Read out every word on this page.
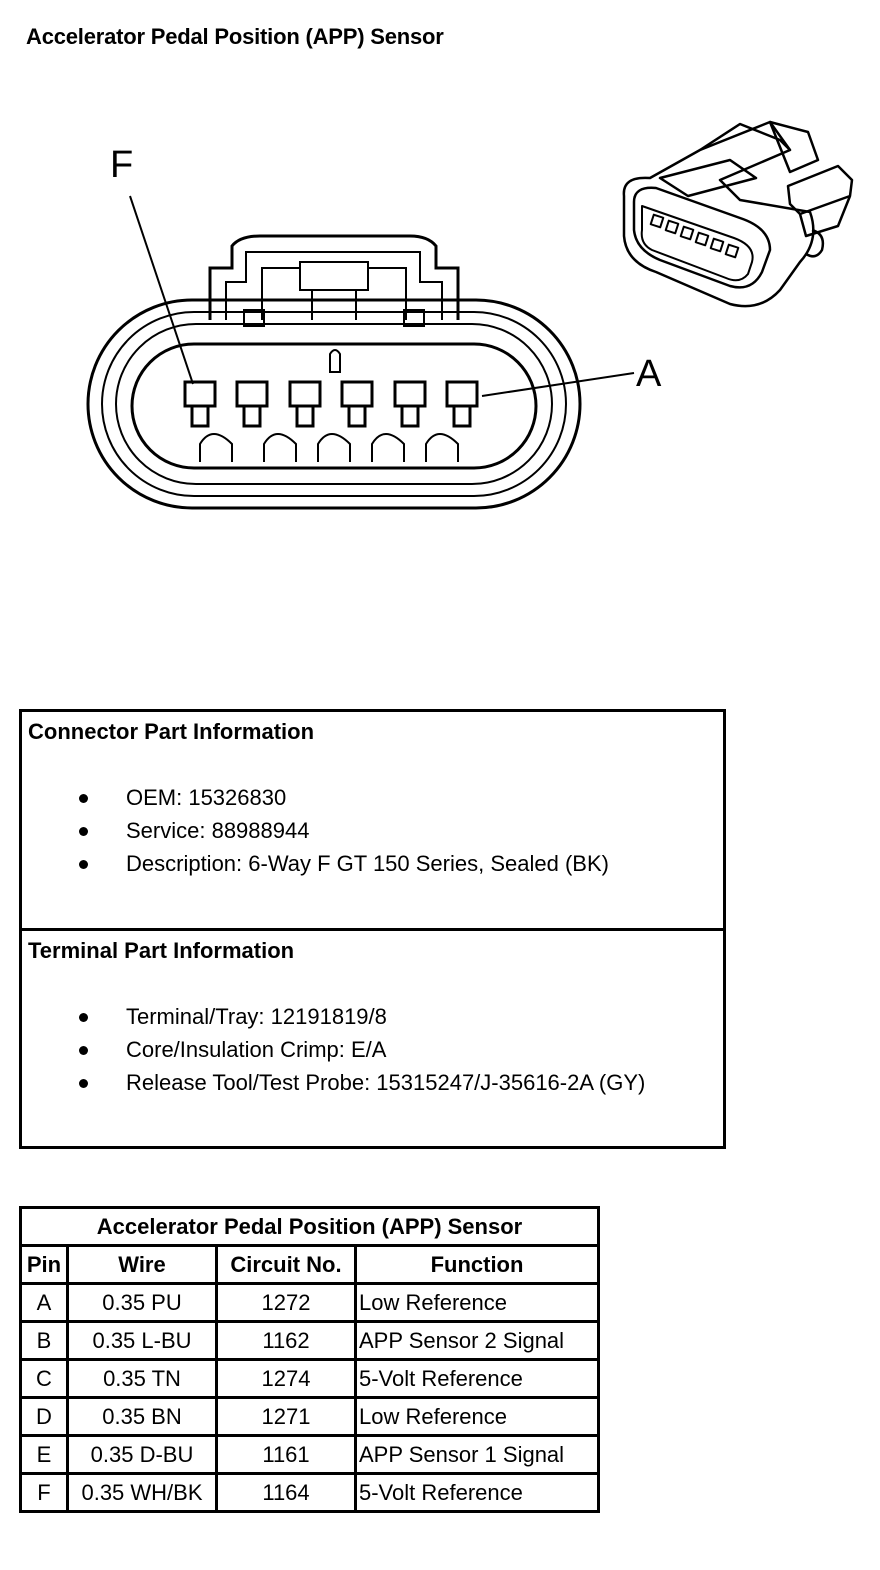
Accelerator Pedal Position (APP) Sensor
F
A
Connector Part Information
OEM: 15326830
Service: 88988944
Description: 6-Way F GT 150 Series, Sealed (BK)
Terminal Part Information
Terminal/Tray: 12191819/8
Core/Insulation Crimp: E/A
Release Tool/Test Probe: 15315247/J-35616-2A (GY)
Accelerator Pedal Position (APP) Sensor			
Pin	Wire	Circuit No.	Function
A	0.35 PU	1272	Low Reference
B	0.35 L-BU	1162	APP Sensor 2 Signal
C	0.35 TN	1274	5-Volt Reference
D	0.35 BN	1271	Low Reference
E	0.35 D-BU	1161	APP Sensor 1 Signal
F	0.35 WH/BK	1164	5-Volt Reference
